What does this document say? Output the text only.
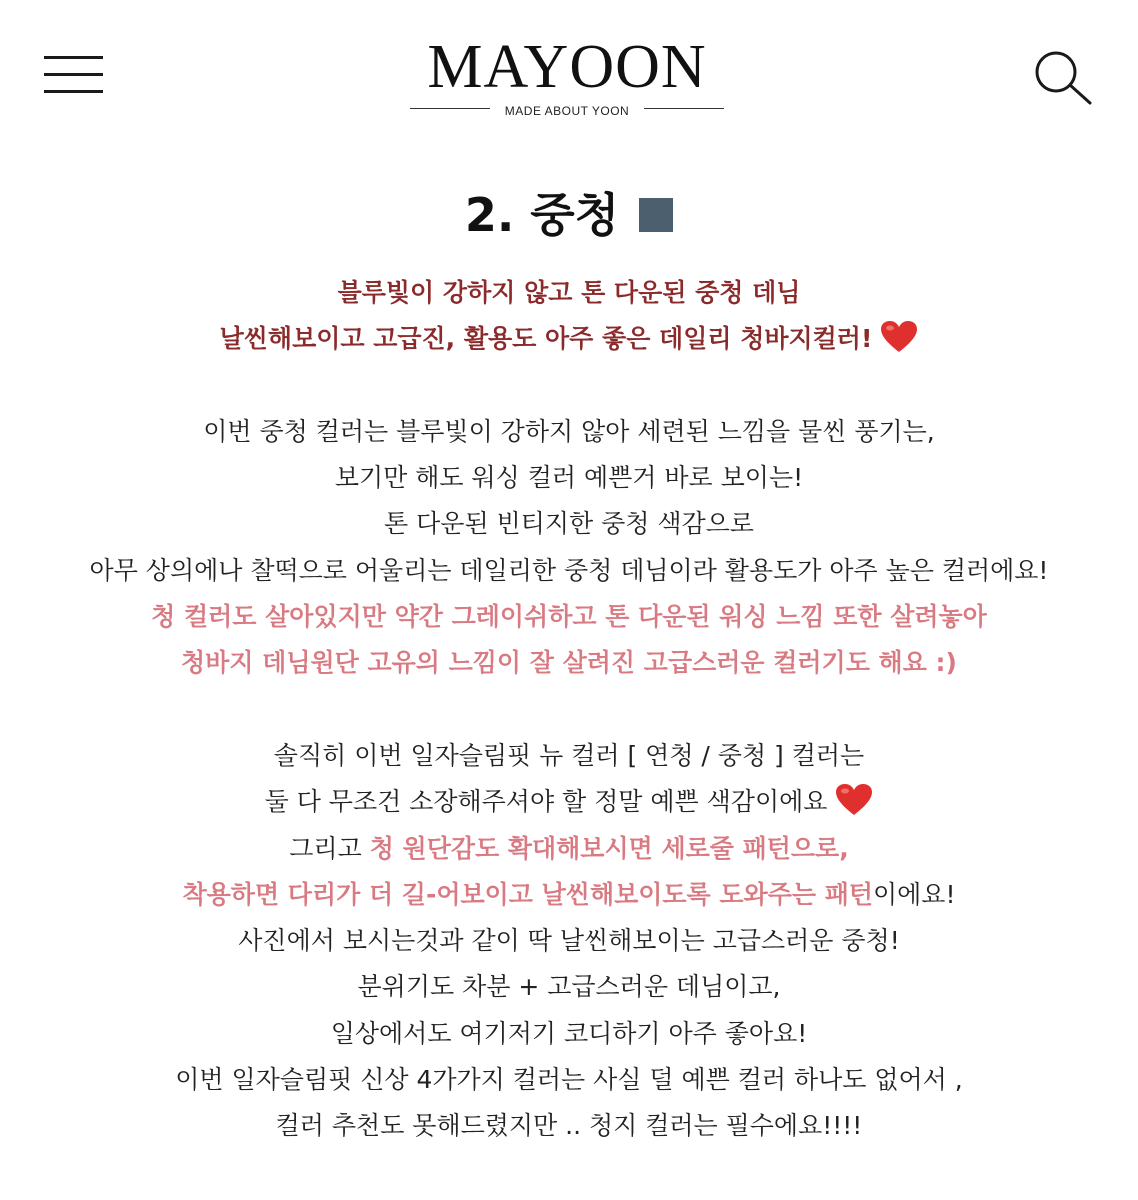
MAYOON
MADE ABOUT YOON
2. 중청
블루빛이 강하지 않고 톤 다운된 중청 데님
날씬해보이고 고급진, 활용도 아주 좋은 데일리 청바지컬러!
이번 중청 컬러는 블루빛이 강하지 않아 세련된 느낌을 물씬 풍기는,
보기만 해도 워싱 컬러 예쁜거 바로 보이는!
톤 다운된 빈티지한 중청 색감으로
아무 상의에나 찰떡으로 어울리는 데일리한 중청 데님이라 활용도가 아주 높은 컬러에요!
청 컬러도 살아있지만 약간 그레이쉬하고 톤 다운된 워싱 느낌 또한 살려놓아
청바지 데님원단 고유의 느낌이 잘 살려진 고급스러운 컬러기도 해요 :)
솔직히 이번 일자슬림핏 뉴 컬러 [ 연청 / 중청 ] 컬러는
둘 다 무조건 소장해주셔야 할 정말 예쁜 색감이에요
그리고 청 원단감도 확대해보시면 세로줄 패턴으로,
착용하면 다리가 더 길-어보이고 날씬해보이도록 도와주는 패턴이에요!
사진에서 보시는것과 같이 딱 날씬해보이는 고급스러운 중청!
분위기도 차분 + 고급스러운 데님이고,
일상에서도 여기저기 코디하기 아주 좋아요!
이번 일자슬림핏 신상 4가가지 컬러는 사실 덜 예쁜 컬러 하나도 없어서 ,
컬러 추천도 못해드렸지만 .. 청지 컬러는 필수에요!!!!
